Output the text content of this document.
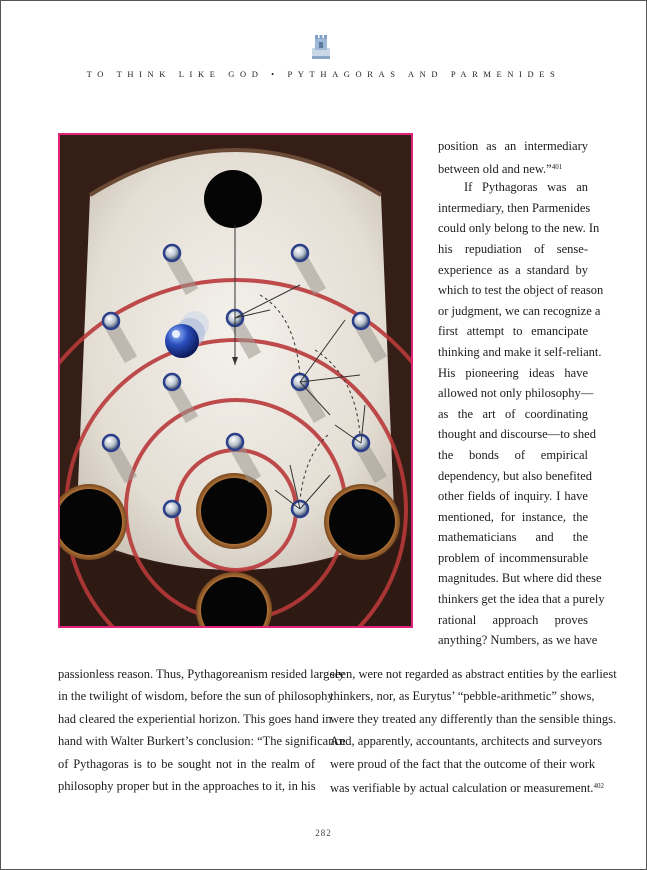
TO THINK LIKE GOD • PYTHAGORAS AND PARMENIDES
position as an intermediary
between old and new.”$^{401}$
If Pythagoras was an
intermediary, then Parmenides
could only belong to the new. In
his repudiation of sense-
experience as a standard by
which to test the object of reason
or judgment, we can recognize a
first attempt to emancipate
thinking and make it self-reliant.
His pioneering ideas have
allowed not only philosophy—
as the art of coordinating
thought and discourse—to shed
the bonds of empirical
dependency, but also benefited
other fields of inquiry. I have
mentioned, for instance, the
mathematicians and the
problem of incommensurable
magnitudes. But where did these
thinkers get the idea that a purely
rational approach proves
anything? Numbers, as we have
passionless reason. Thus, Pythagoreanism resided largely
in the twilight of wisdom, before the sun of philosophy
had cleared the experiential horizon. This goes hand in
hand with Walter Burkert’s conclusion: “The significance
of Pythagoras is to be sought not in the realm of
philosophy proper but in the approaches to it, in his
seen, were not regarded as abstract entities by the earliest
thinkers, nor, as Eurytus’ “pebble-arithmetic” shows,
were they treated any differently than the sensible things.
And, apparently, accountants, architects and surveyors
were proud of the fact that the outcome of their work
was verifiable by actual calculation or measurement.$^{402}$
282
